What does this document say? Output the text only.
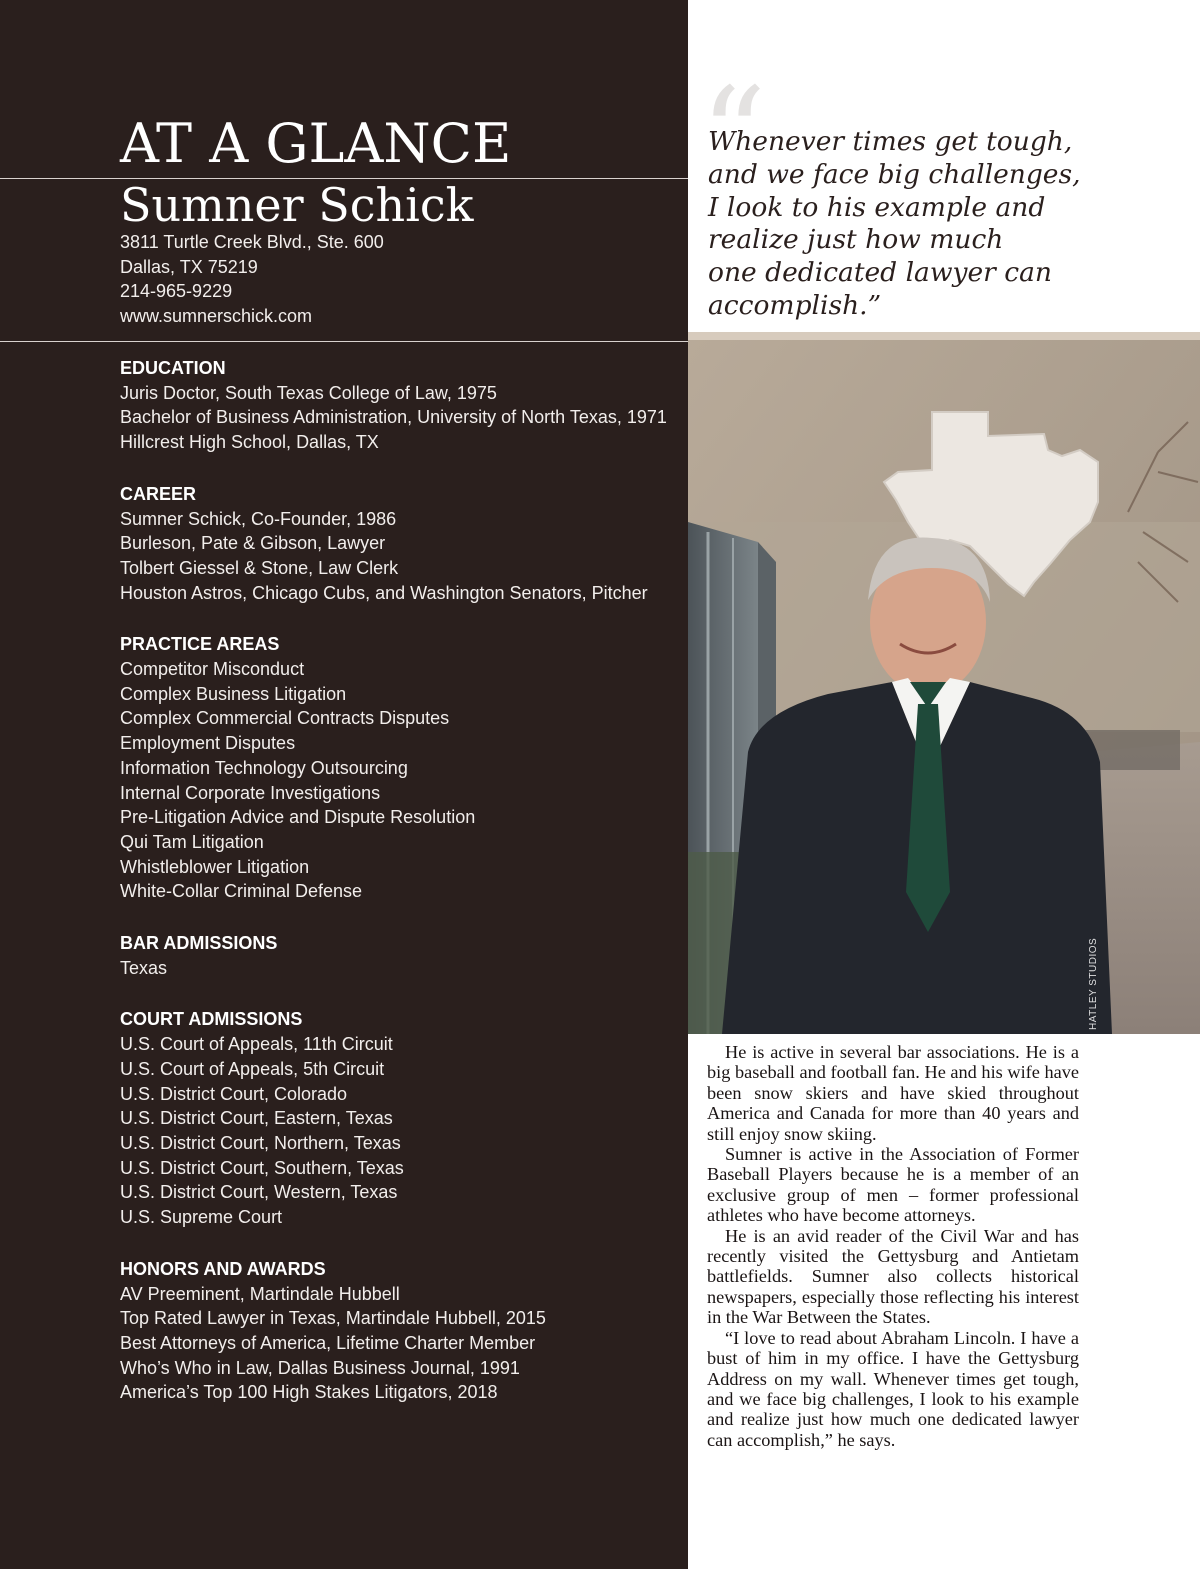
AT A GLANCE
Sumner Schick
3811 Turtle Creek Blvd., Ste. 600
Dallas, TX 75219
214-965-9229
www.sumnerschick.com
EDUCATION
Juris Doctor, South Texas College of Law, 1975
Bachelor of Business Administration, University of North Texas, 1971
Hillcrest High School, Dallas, TX
CAREER
Sumner Schick, Co-Founder, 1986
Burleson, Pate & Gibson, Lawyer
Tolbert Giessel & Stone, Law Clerk
Houston Astros, Chicago Cubs, and Washington Senators, Pitcher
PRACTICE AREAS
Competitor Misconduct
Complex Business Litigation
Complex Commercial Contracts Disputes
Employment Disputes
Information Technology Outsourcing
Internal Corporate Investigations
Pre-Litigation Advice and Dispute Resolution
Qui Tam Litigation
Whistleblower Litigation
White-Collar Criminal Defense
BAR ADMISSIONS
Texas
COURT ADMISSIONS
U.S. Court of Appeals, 11th Circuit
U.S. Court of Appeals, 5th Circuit
U.S. District Court, Colorado
U.S. District Court, Eastern, Texas
U.S. District Court, Northern, Texas
U.S. District Court, Southern, Texas
U.S. District Court, Western, Texas
U.S. Supreme Court
HONORS AND AWARDS
AV Preeminent, Martindale Hubbell
Top Rated Lawyer in Texas, Martindale Hubbell, 2015
Best Attorneys of America, Lifetime Charter Member
Who’s Who in Law, Dallas Business Journal, 1991
America’s Top 100 High Stakes Litigators, 2018
“
Whenever times get tough,
and we face big challenges,
I look to his example and
realize just how much
one dedicated lawyer can
accomplish.”
HATLEY STUDIOS

He is active in several bar associations. He is a big baseball and football fan. He and his wife have been snow skiers and have skied throughout America and Canada for more than 40 years and still enjoy snow skiing.

Sumner is active in the Association of Former Baseball Players because he is a member of an exclusive group of men – former professional athletes who have become attorneys.

He is an avid reader of the Civil War and has recently visited the Gettysburg and Antietam battlefields. Sumner also collects historical newspapers, especially those reflecting his interest in the War Between the States.

“I love to read about Abraham Lincoln. I have a bust of him in my office. I have the Gettysburg Address on my wall. Whenever times get tough, and we face big challenges, I look to his example and realize just how much one dedicated lawyer can accomplish,” he says.
